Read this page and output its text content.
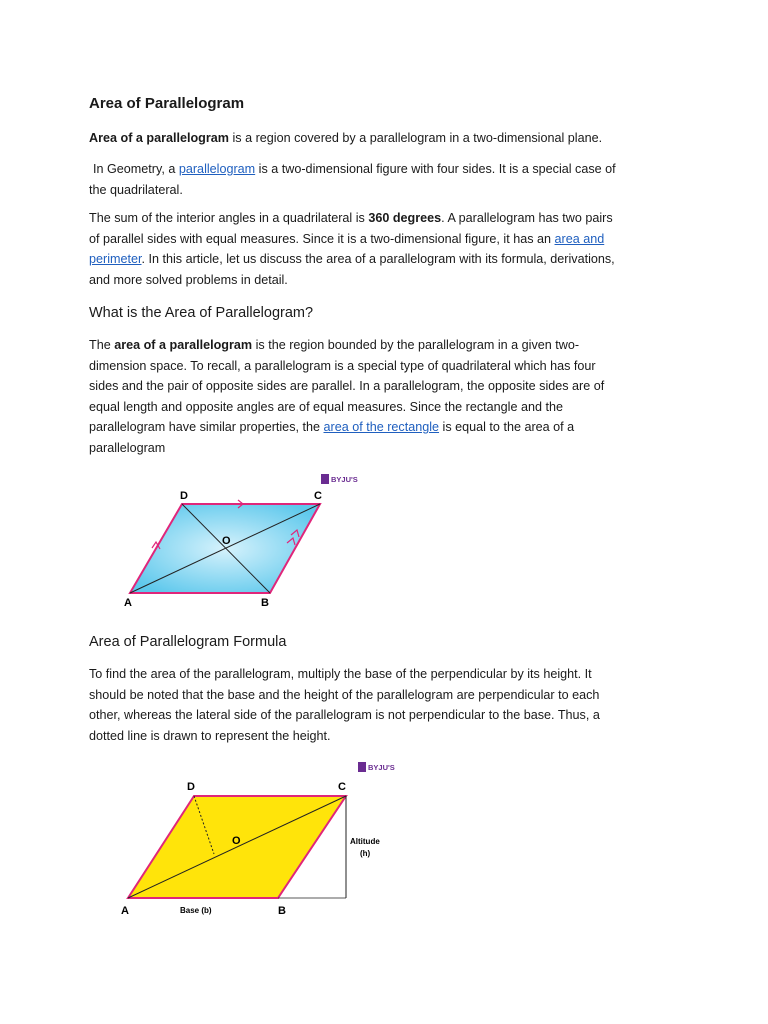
Area of Parallelogram

Area of a parallelogram is a region covered by a parallelogram in a two-dimensional plane.

In Geometry, a parallelogram is a two-dimensional figure with four sides. It is a special case of
the quadrilateral.

The sum of the interior angles in a quadrilateral is 360 degrees. A parallelogram has two pairs
of parallel sides with equal measures. Since it is a two-dimensional figure, it has an area and
perimeter. In this article, let us discuss the area of a parallelogram with its formula, derivations,
and more solved problems in detail.

What is the Area of Parallelogram?

The area of a parallelogram is the region bounded by the parallelogram in a given two-
dimension space. To recall, a parallelogram is a special type of quadrilateral which has four
sides and the pair of opposite sides are parallel. In a parallelogram, the opposite sides are of
equal length and opposite angles are of equal measures. Since the rectangle and the
parallelogram have similar properties, the area of the rectangle is equal to the area of a
parallelogram

BYJU'S
D	C
O
A	B
Area of Parallelogram Formula

To find the area of the parallelogram, multiply the base of the perpendicular by its height. It
should be noted that the base and the height of the parallelogram are perpendicular to each
other, whereas the lateral side of the parallelogram is not perpendicular to the base. Thus, a
dotted line is drawn to represent the height.

BYJU'S
D	C
O
A	B
Base (b)
Altitude
(h)
